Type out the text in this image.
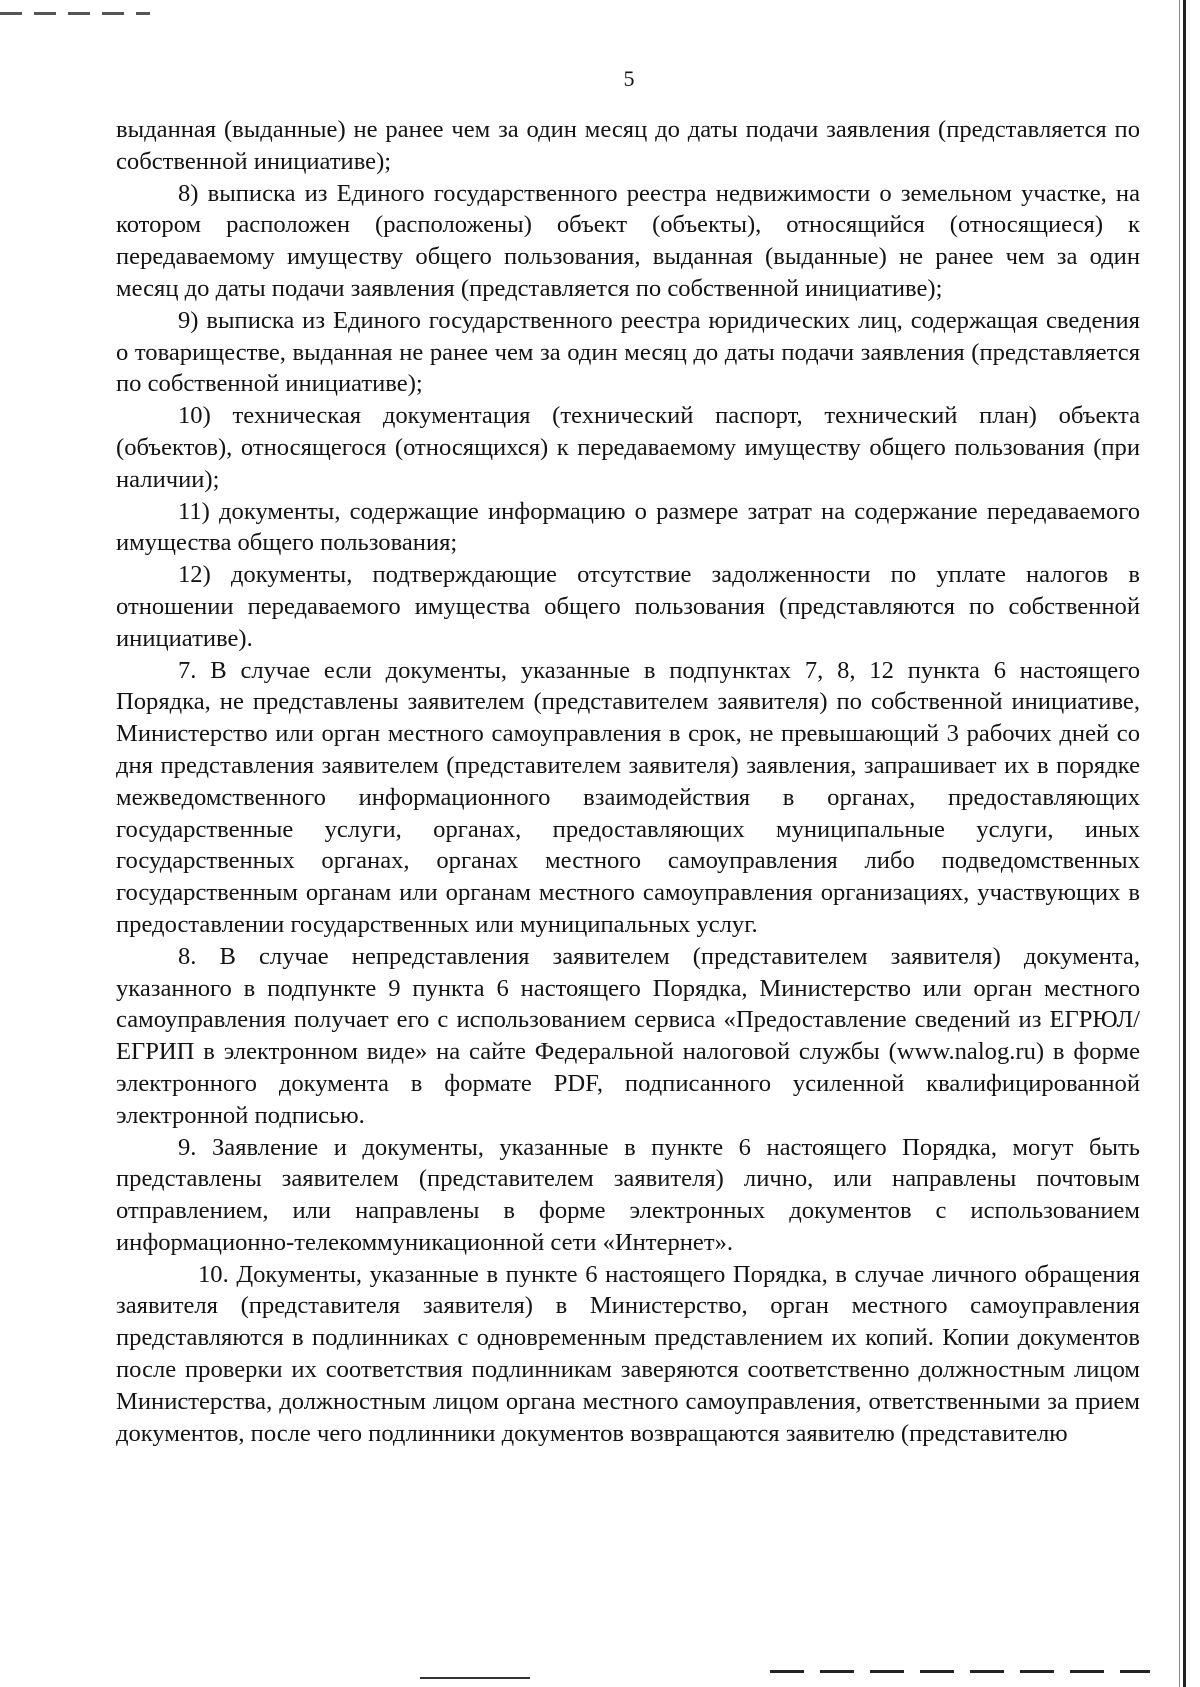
5

выданная (выданные) не ранее чем за один месяц до даты подачи заявления (представляется по собственной инициативе);

8) выписка из Единого государственного реестра недвижимости о земельном участке, на котором расположен (расположены) объект (объекты), относящийся (относящиеся) к передаваемому имуществу общего пользования, выданная (выданные) не ранее чем за один месяц до даты подачи заявления (представляется по собственной инициативе);

9) выписка из Единого государственного реестра юридических лиц, содержащая сведения о товариществе, выданная не ранее чем за один месяц до даты подачи заявления (представляется по собственной инициативе);

10) техническая документация (технический паспорт, технический план) объекта (объектов), относящегося (относящихся) к передаваемому имуществу общего пользования (при наличии);

11) документы, содержащие информацию о размере затрат на содержание передаваемого имущества общего пользования;

12) документы, подтверждающие отсутствие задолженности по уплате налогов в отношении передаваемого имущества общего пользования (представляются по собственной инициативе).

7. В случае если документы, указанные в подпунктах 7, 8, 12 пункта 6 настоящего Порядка, не представлены заявителем (представителем заявителя) по собственной инициативе, Министерство или орган местного самоуправления в срок, не превышающий 3 рабочих дней со дня представления заявителем (представителем заявителя) заявления, запрашивает их в порядке межведомственного информационного взаимодействия в органах, предоставляющих государственные услуги, органах, предоставляющих муниципальные услуги, иных государственных органах, органах местного самоуправления либо подведомственных государственным органам или органам местного самоуправления организациях, участвующих в предоставлении государственных или муниципальных услуг.

8. В случае непредставления заявителем (представителем заявителя) документа, указанного в подпункте 9 пункта 6 настоящего Порядка, Министерство или орган местного самоуправления получает его с использованием сервиса «Предоставление сведений из ЕГРЮЛ/ЕГРИП в электронном виде» на сайте Федеральной налоговой службы (www.nalog.ru) в форме электронного документа в формате PDF, подписанного усиленной квалифицированной электронной подписью.

9. Заявление и документы, указанные в пункте 6 настоящего Порядка, могут быть представлены заявителем (представителем заявителя) лично, или направлены почтовым отправлением, или направлены в форме электронных документов с использованием информационно-телекоммуникационной сети «Интернет».

10. Документы, указанные в пункте 6 настоящего Порядка, в случае личного обращения заявителя (представителя заявителя) в Министерство, орган местного самоуправления представляются в подлинниках с одновременным представлением их копий. Копии документов после проверки их соответствия подлинникам заверяются соответственно должностным лицом Министерства, должностным лицом органа местного самоуправления, ответственными за прием документов, после чего подлинники документов возвращаются заявителю (представителю
